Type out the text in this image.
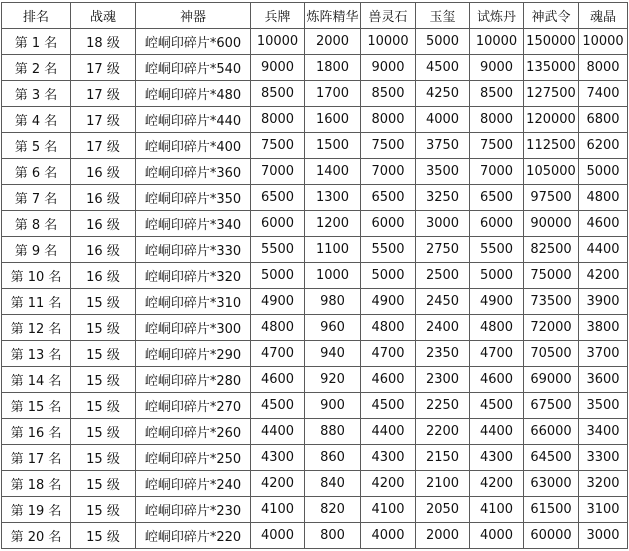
排名	战魂	神器	兵牌	炼阵精华	兽灵石	玉玺	试炼丹	神武令	魂晶
第 1 名	18 级	崆峒印碎片*600	10000	2000	10000	5000	10000	150000	10000
第 2 名	17 级	崆峒印碎片*540	9000	1800	9000	4500	9000	135000	8000
第 3 名	17 级	崆峒印碎片*480	8500	1700	8500	4250	8500	127500	7400
第 4 名	17 级	崆峒印碎片*440	8000	1600	8000	4000	8000	120000	6800
第 5 名	17 级	崆峒印碎片*400	7500	1500	7500	3750	7500	112500	6200
第 6 名	16 级	崆峒印碎片*360	7000	1400	7000	3500	7000	105000	5000
第 7 名	16 级	崆峒印碎片*350	6500	1300	6500	3250	6500	97500	4800
第 8 名	16 级	崆峒印碎片*340	6000	1200	6000	3000	6000	90000	4600
第 9 名	16 级	崆峒印碎片*330	5500	1100	5500	2750	5500	82500	4400
第 10 名	16 级	崆峒印碎片*320	5000	1000	5000	2500	5000	75000	4200
第 11 名	15 级	崆峒印碎片*310	4900	980	4900	2450	4900	73500	3900
第 12 名	15 级	崆峒印碎片*300	4800	960	4800	2400	4800	72000	3800
第 13 名	15 级	崆峒印碎片*290	4700	940	4700	2350	4700	70500	3700
第 14 名	15 级	崆峒印碎片*280	4600	920	4600	2300	4600	69000	3600
第 15 名	15 级	崆峒印碎片*270	4500	900	4500	2250	4500	67500	3500
第 16 名	15 级	崆峒印碎片*260	4400	880	4400	2200	4400	66000	3400
第 17 名	15 级	崆峒印碎片*250	4300	860	4300	2150	4300	64500	3300
第 18 名	15 级	崆峒印碎片*240	4200	840	4200	2100	4200	63000	3200
第 19 名	15 级	崆峒印碎片*230	4100	820	4100	2050	4100	61500	3100
第 20 名	15 级	崆峒印碎片*220	4000	800	4000	2000	4000	60000	3000
